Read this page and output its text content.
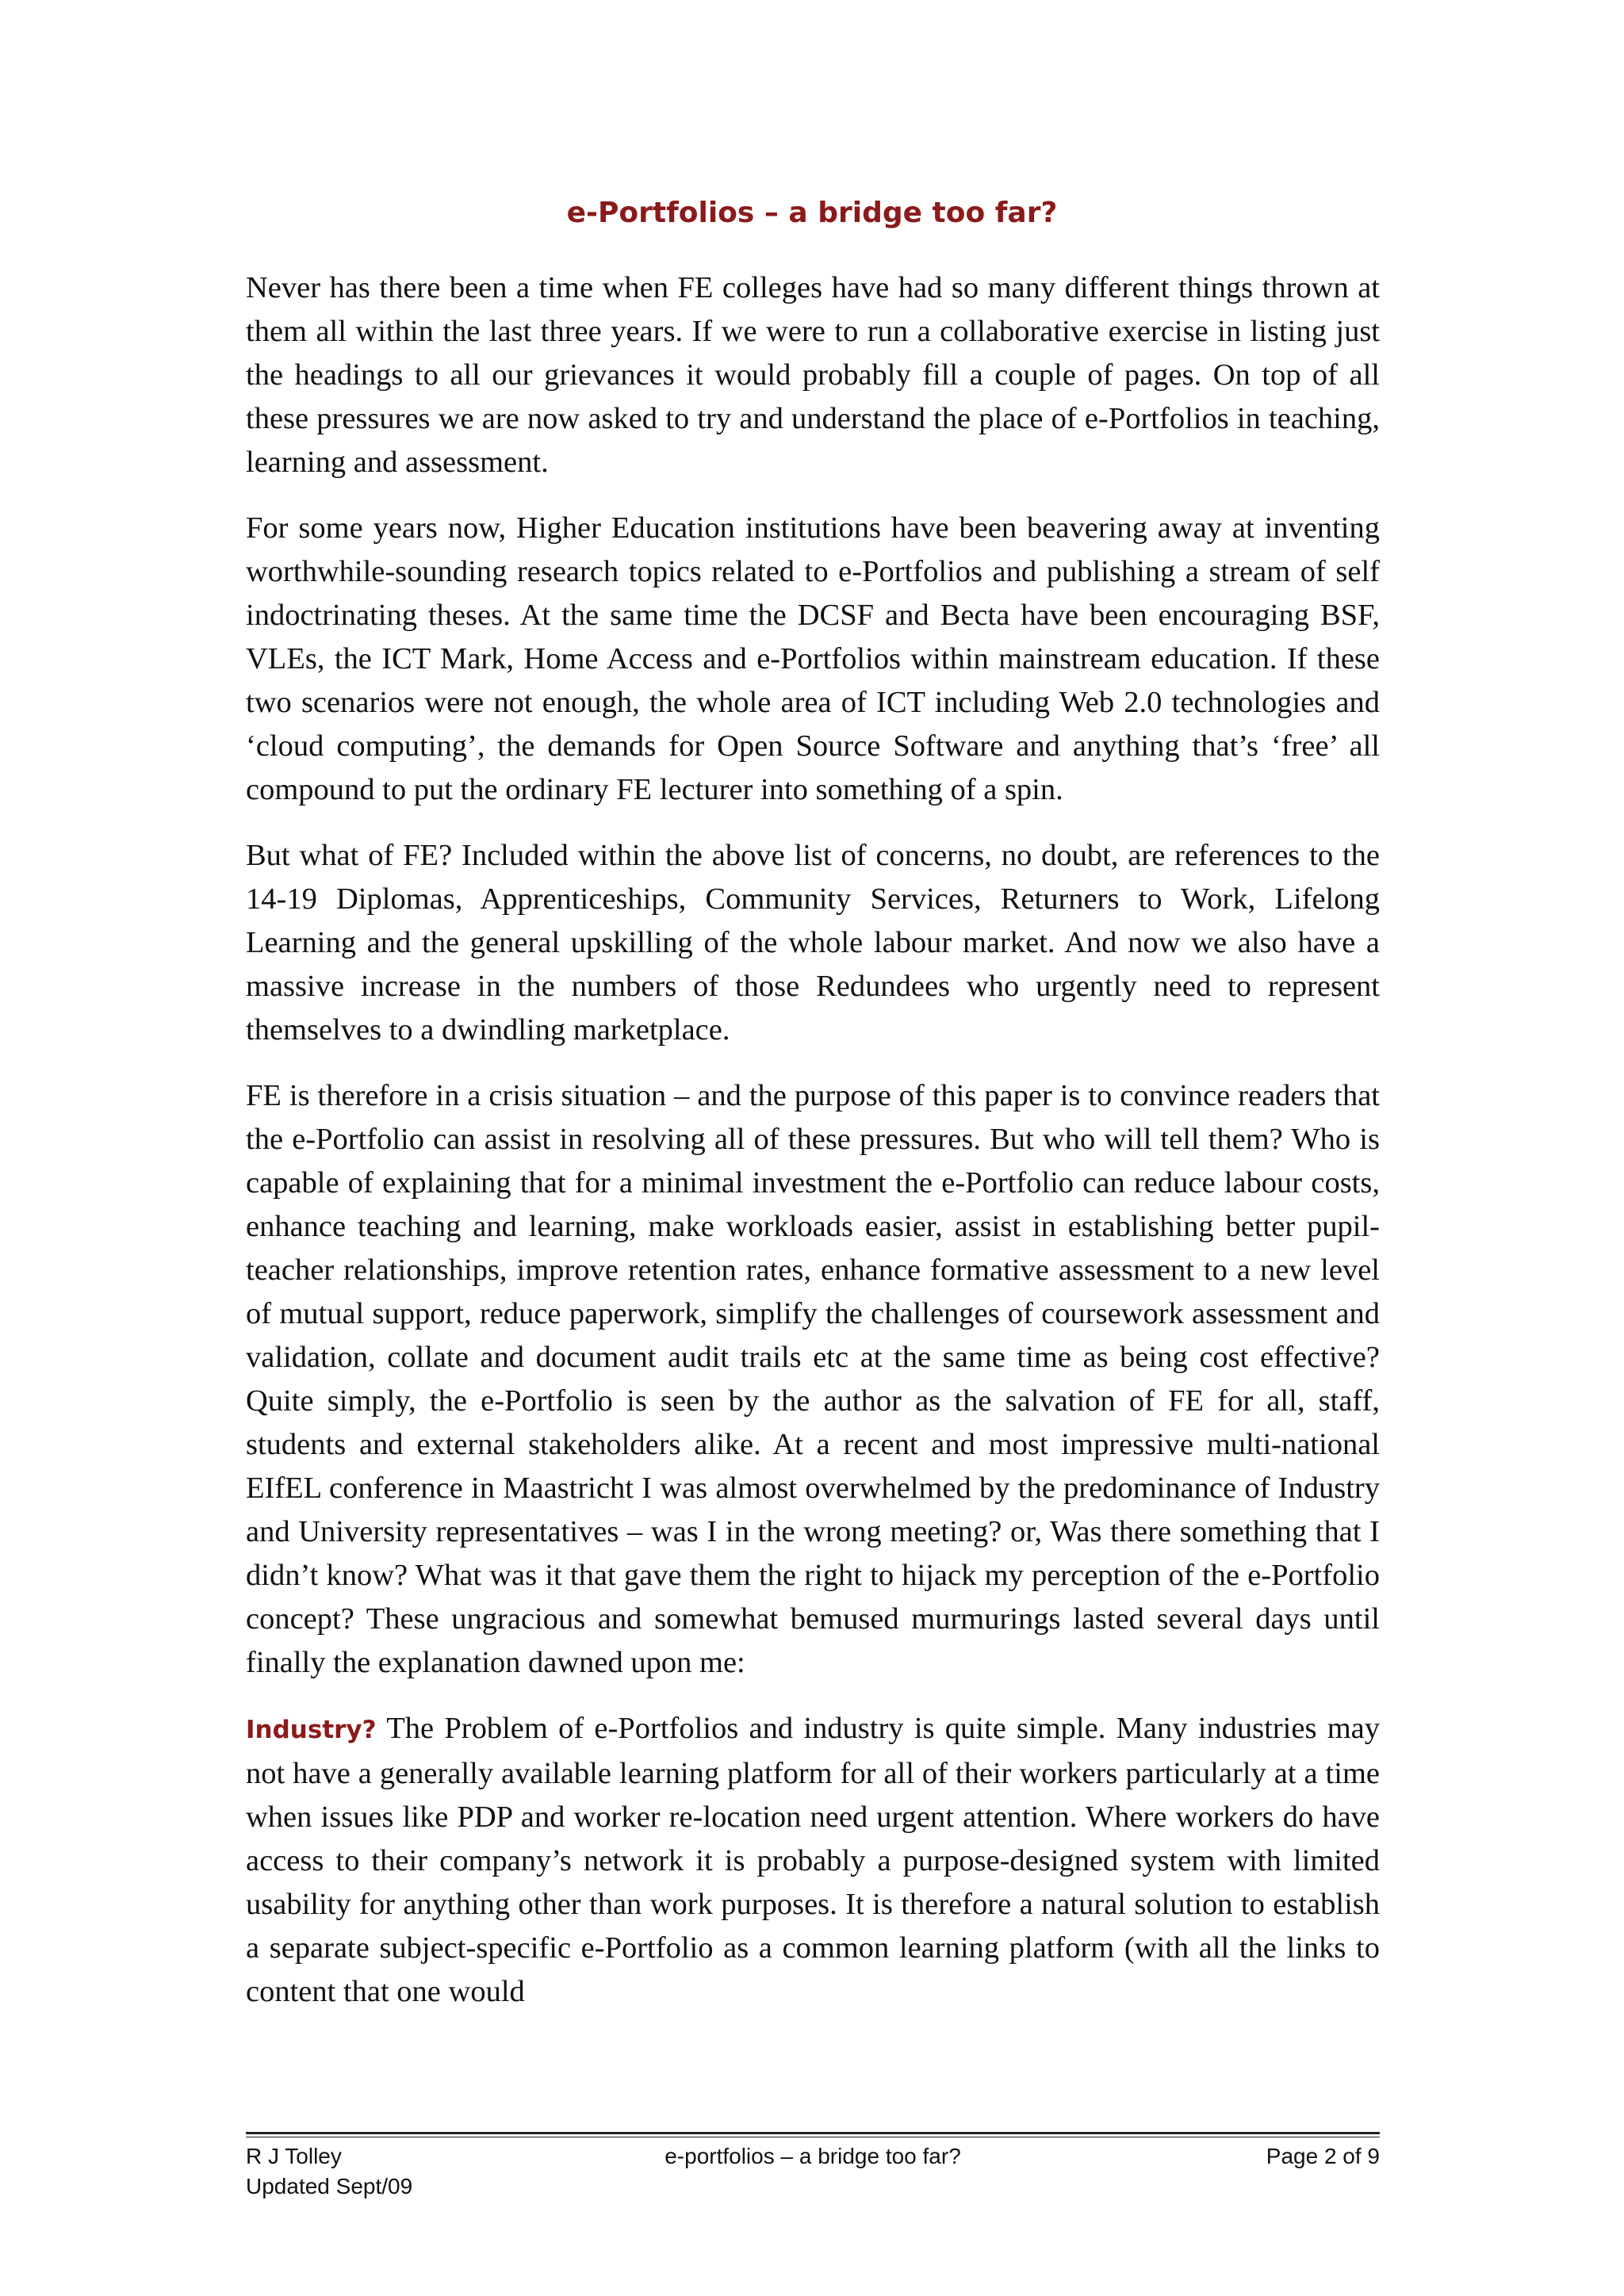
e-Portfolios – a bridge too far?

Never has there been a time when FE colleges have had so many different things thrown at them all within the last three years. If we were to run a collaborative exercise in listing just the headings to all our grievances it would probably fill a couple of pages. On top of all these pressures we are now asked to try and understand the place of e-Portfolios in teaching, learning and assessment.

For some years now, Higher Education institutions have been beavering away at inventing worthwhile-sounding research topics related to e-Portfolios and publishing a stream of self indoctrinating theses. At the same time the DCSF and Becta have been encouraging BSF, VLEs, the ICT Mark, Home Access and e-Portfolios within mainstream education. If these two scenarios were not enough, the whole area of ICT including Web 2.0 technologies and ‘cloud computing’, the demands for Open Source Software and anything that’s ‘free’ all compound to put the ordinary FE lecturer into something of a spin.

But what of FE? Included within the above list of concerns, no doubt, are references to the 14-19 Diplomas, Apprenticeships, Community Services, Returners to Work, Lifelong Learning and the general upskilling of the whole labour market. And now we also have a massive increase in the numbers of those Redundees who urgently need to represent themselves to a dwindling marketplace.

FE is therefore in a crisis situation – and the purpose of this paper is to convince readers that the e-Portfolio can assist in resolving all of these pressures. But who will tell them? Who is capable of explaining that for a minimal investment the e-Portfolio can reduce labour costs, enhance teaching and learning, make workloads easier, assist in establishing better pupil-teacher relationships, improve retention rates, enhance formative assessment to a new level of mutual support, reduce paperwork, simplify the challenges of coursework assessment and validation, collate and document audit trails etc at the same time as being cost effective? Quite simply, the e-Portfolio is seen by the author as the salvation of FE for all, staff, students and external stakeholders alike. At a recent and most impressive multi-national EIfEL conference in Maastricht I was almost overwhelmed by the predominance of Industry and University representatives – was I in the wrong meeting? or, Was there something that I didn’t know? What was it that gave them the right to hijack my perception of the e-Portfolio concept? These ungracious and somewhat bemused murmurings lasted several days until finally the explanation dawned upon me:

Industry? The Problem of e-Portfolios and industry is quite simple. Many industries may not have a generally available learning platform for all of their workers particularly at a time when issues like PDP and worker re-location need urgent attention. Where workers do have access to their company’s network it is probably a purpose-designed system with limited usability for anything other than work purposes. It is therefore a natural solution to establish a separate subject-specific e-Portfolio as a common learning platform (with all the links to content that one would

R J Tolley	e-portfolios – a bridge too far?	Page 2 of 9
Updated Sept/09
